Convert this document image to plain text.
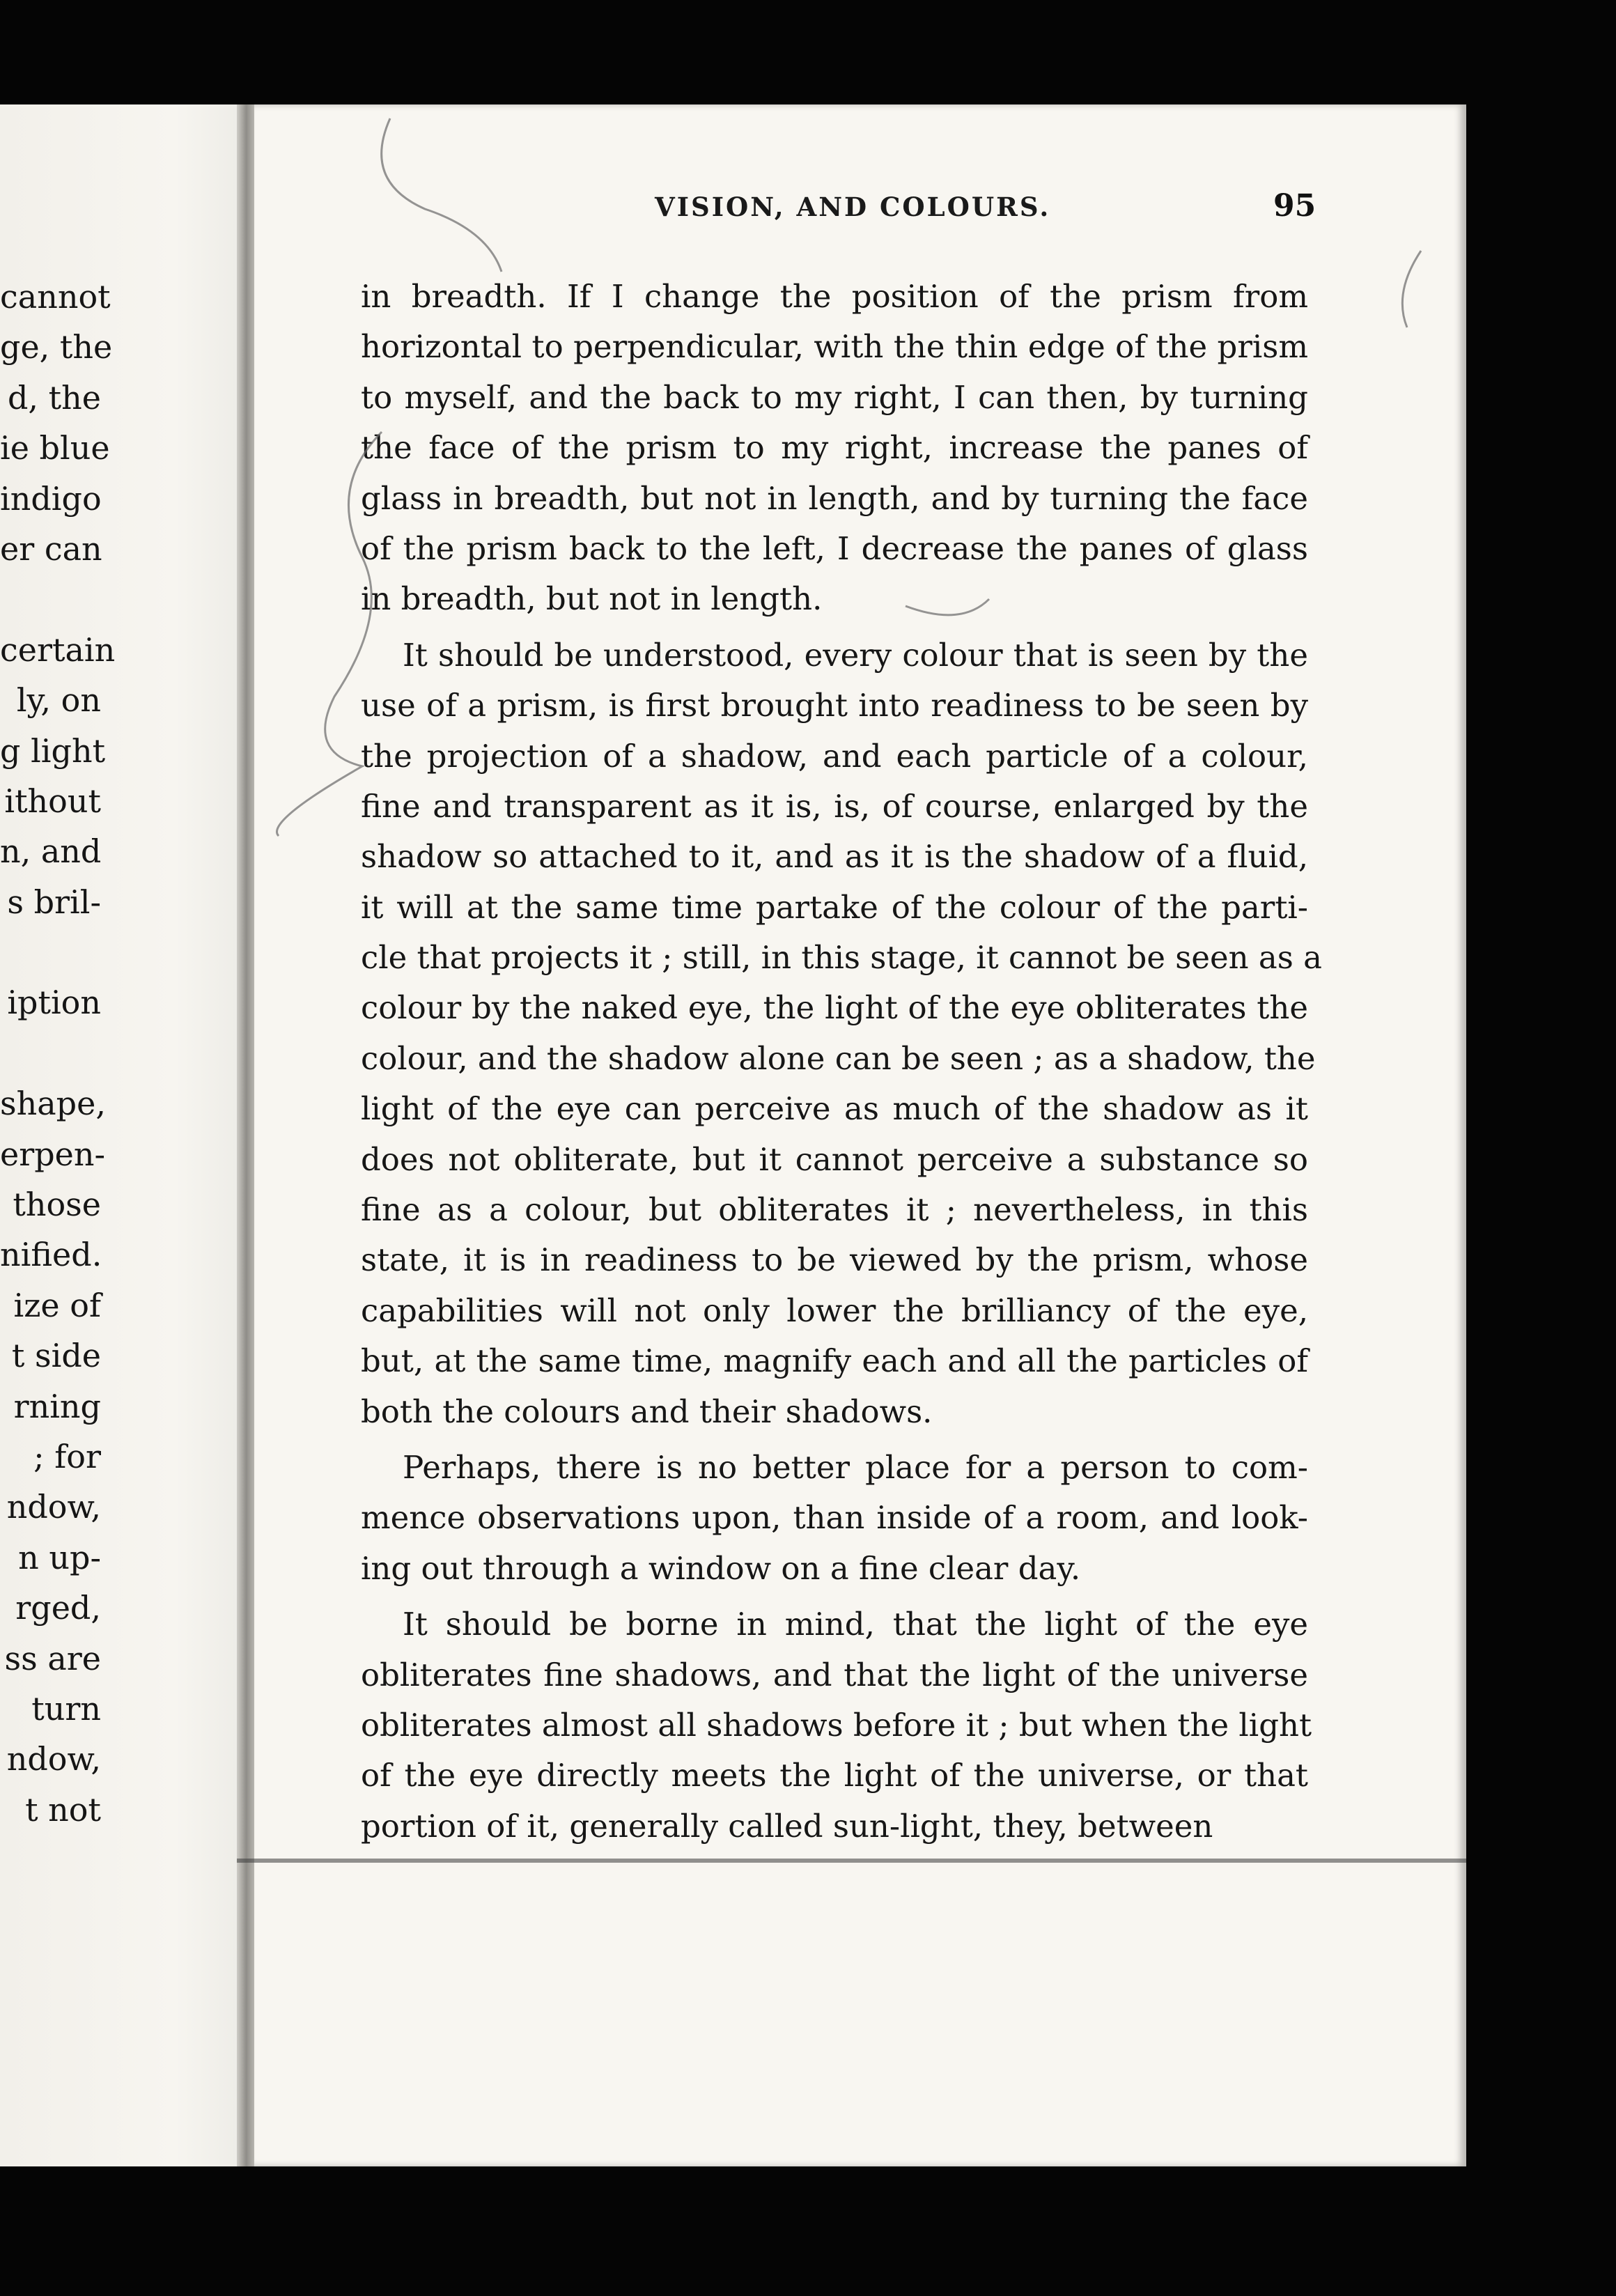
cannot
ge, the
d, the
ie blue
indigo
er can
certain
ly, on
g light
ithout
n, and
s bril-
iption
shape,
erpen-
those
nified.
ize of
t side
rning
; for
ndow,
n up-
rged,
ss are
turn
ndow,
t not
VISION, AND COLOURS.	95
in breadth. If I change the position of the prism from
horizontal to perpendicular, with the thin edge of the prism
to myself, and the back to my right, I can then, by turning
the face of the prism to my right, increase the panes of
glass in breadth, but not in length, and by turning the face
of the prism back to the left, I decrease the panes of glass
in breadth, but not in length.
It should be understood, every colour that is seen by the
use of a prism, is first brought into readiness to be seen by
the projection of a shadow, and each particle of a colour,
fine and transparent as it is, is, of course, enlarged by the
shadow so attached to it, and as it is the shadow of a fluid,
it will at the same time partake of the colour of the parti-
cle that projects it ; still, in this stage, it cannot be seen as a
colour by the naked eye, the light of the eye obliterates the
colour, and the shadow alone can be seen ; as a shadow, the
light of the eye can perceive as much of the shadow as it
does not obliterate, but it cannot perceive a substance so
fine as a colour, but obliterates it ; nevertheless, in this
state, it is in readiness to be viewed by the prism, whose
capabilities will not only lower the brilliancy of the eye,
but, at the same time, magnify each and all the particles of
both the colours and their shadows.
Perhaps, there is no better place for a person to com-
mence observations upon, than inside of a room, and look-
ing out through a window on a fine clear day.
It should be borne in mind, that the light of the eye
obliterates fine shadows, and that the light of the universe
obliterates almost all shadows before it ; but when the light
of the eye directly meets the light of the universe, or that
portion of it, generally called sun-light, they, between
